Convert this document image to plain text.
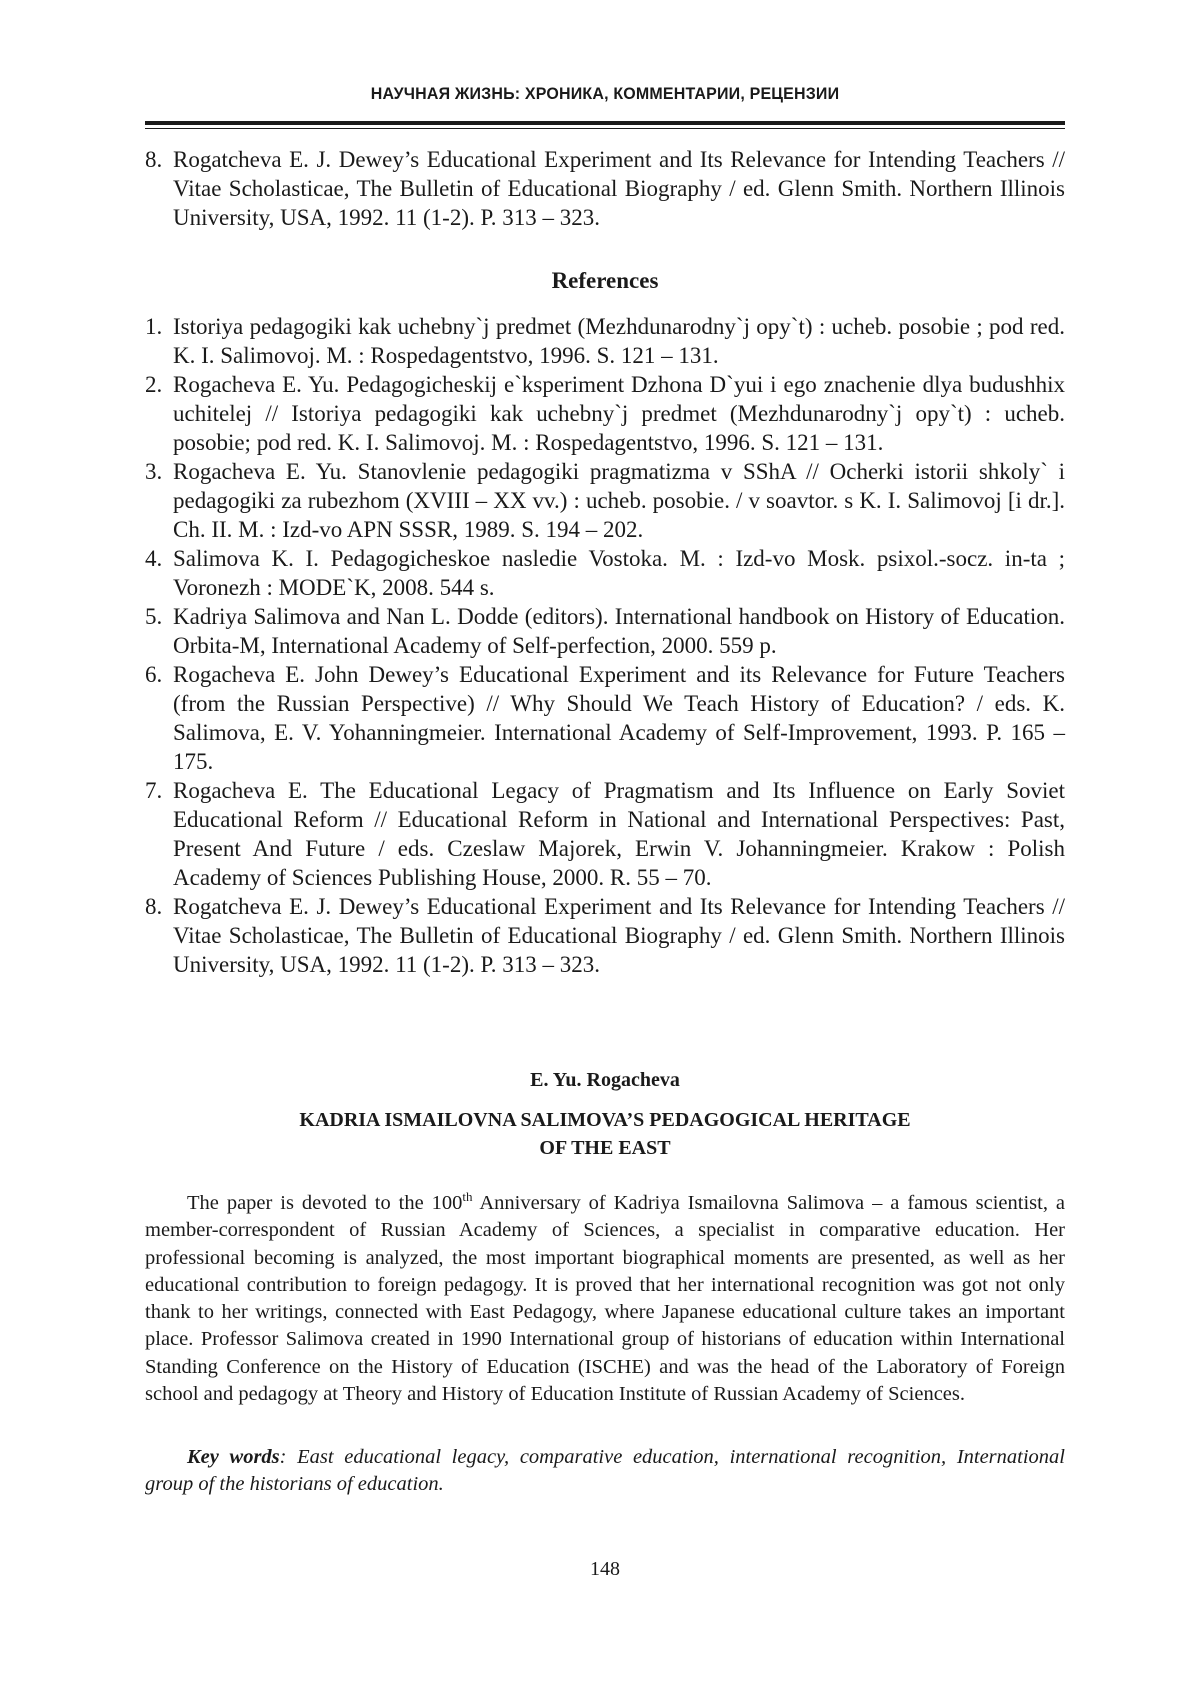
НАУЧНАЯ ЖИЗНЬ: ХРОНИКА, КОММЕНТАРИИ, РЕЦЕНЗИИ
8. Rogatcheva E. J. Dewey’s Educational Experiment and Its Relevance for Intending Teachers // Vitae Scholasticae, The Bulletin of Educational Biography / ed. Glenn Smith. Northern Illinois University, USA, 1992. 11 (1-2). P. 313 – 323.
References
1. Istoriya pedagogiki kak uchebny`j predmet (Mezhdunarodny`j opy`t) : ucheb. posobie ; pod red. K. I. Salimovoj. M. : Rospedagentstvo, 1996. S. 121 – 131.
2. Rogacheva E. Yu. Pedagogicheskij e`ksperiment Dzhona D`yui i ego znachenie dlya budushhix uchitelej // Istoriya pedagogiki kak uchebny`j predmet (Mezhdunarodny`j opy`t) : ucheb. posobie; pod red. K. I. Salimovoj. M. : Rospedagentstvo, 1996. S. 121 – 131.
3. Rogacheva E. Yu. Stanovlenie pedagogiki pragmatizma v SShA // Ocherki istorii shkoly` i pedagogiki za rubezhom (XVIII – XX vv.) : ucheb. posobie. / v soavtor. s K. I. Salimovoj [i dr.]. Ch. II. M. : Izd-vo APN SSSR, 1989. S. 194 – 202.
4. Salimova K. I. Pedagogicheskoe nasledie Vostoka. M. : Izd-vo Mosk. psixol.-socz. in-ta ; Voronezh : MODE`K, 2008. 544 s.
5. Kadriya Salimova and Nan L. Dodde (editors). International handbook on History of Education. Orbita-M, International Academy of Self-perfection, 2000. 559 p.
6. Rogacheva E. John Dewey’s Educational Experiment and its Relevance for Future Teachers (from the Russian Perspective) // Why Should We Teach History of Education? / eds. K. Salimova, E. V. Yohanningmeier. International Academy of Self-Improvement, 1993. P. 165 – 175.
7. Rogacheva E. The Educational Legacy of Pragmatism and Its Influence on Early Soviet Educational Reform // Educational Reform in National and International Perspectives: Past, Present And Future / eds. Czeslaw Majorek, Erwin V. Johanningmeier. Krakow : Polish Academy of Sciences Publishing House, 2000. R. 55 – 70.
8. Rogatcheva E. J. Dewey’s Educational Experiment and Its Relevance for Intending Teachers // Vitae Scholasticae, The Bulletin of Educational Biography / ed. Glenn Smith. Northern Illinois University, USA, 1992. 11 (1-2). P. 313 – 323.
E. Yu. Rogacheva
KADRIA ISMAILOVNA SALIMOVA’S PEDAGOGICAL HERITAGE
OF THE EAST

The paper is devoted to the 100th Anniversary of Kadriya Ismailovna Salimova – a famous scientist, a member-correspondent of Russian Academy of Sciences, a specialist in comparative education. Her professional becoming is analyzed, the most important biographical moments are presented, as well as her educational contribution to foreign pedagogy. It is proved that her international recognition was got not only thank to her writings, connected with East Pedagogy, where Japanese educational culture takes an important place. Professor Salimova created in 1990 International group of historians of education within International Standing Conference on the History of Education (ISCHE) and was the head of the Laboratory of Foreign school and pedagogy at Theory and History of Education Institute of Russian Academy of Sciences.

Key words: East educational legacy, comparative education, international recognition, International group of the historians of education.

148
